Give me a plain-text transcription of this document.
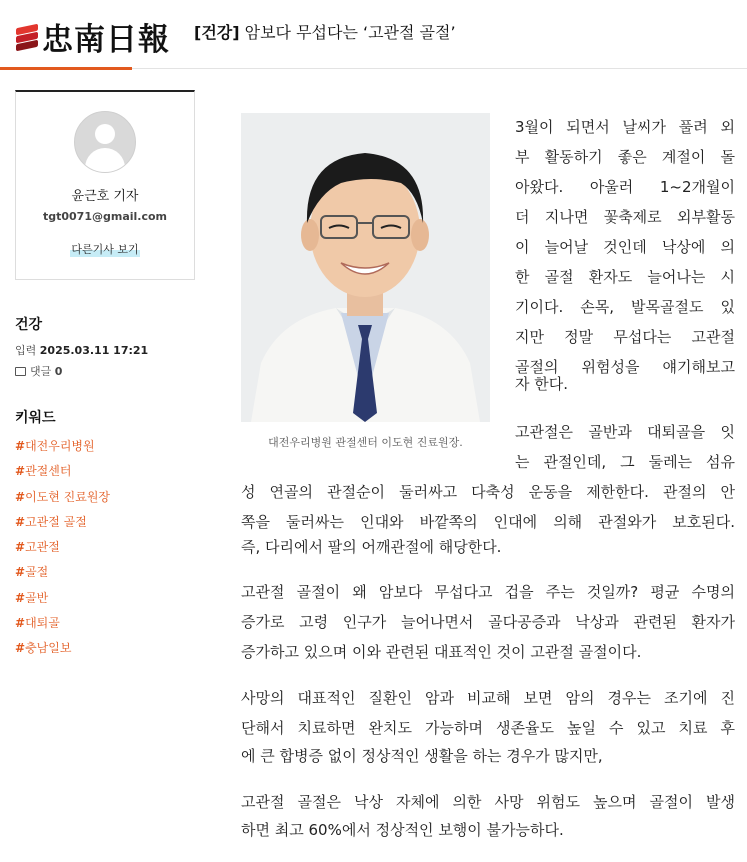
忠南日報 [건강] 암보다 무섭다는 ‘고관절 골절’
윤근호 기자
tgt0071@gmail.com
다른기사 보기
건강
입력 2025.03.11 17:21
댓글
0
키워드
#대전우리병원
#관절센터
#이도현 진료원장
#고관절 골절
#고관절
#골절
#골반
#대퇴골
#충남일보
대전우리병원 관절센터 이도현 진료원장.
3월이 되면서 날씨가 풀려 외
부 활동하기 좋은 계절이 돌
아왔다. 아울러 1~2개월이
더 지나면 꽃축제로 외부활동
이 늘어날 것인데 낙상에 의
한 골절 환자도 늘어나는 시
기이다. 손목, 발목골절도 있
지만 정말 무섭다는 고관절
골절의 위험성을 얘기해보고
자 한다.
고관절은 골반과 대퇴골을 잇
는 관절인데, 그 둘레는 섬유
성 연골의 관절순이 둘러싸고 다축성 운동을 제한한다. 관절의 안
쪽을 둘러싸는 인대와 바깥쪽의 인대에 의해 관절와가 보호된다.
즉, 다리에서 팔의 어깨관절에 해당한다.
고관절 골절이 왜 암보다 무섭다고 겁을 주는 것일까? 평균 수명의
증가로 고령 인구가 늘어나면서 골다공증과 낙상과 관련된 환자가
증가하고 있으며 이와 관련된 대표적인 것이 고관절 골절이다.
사망의 대표적인 질환인 암과 비교해 보면 암의 경우는 조기에 진
단해서 치료하면 완치도 가능하며 생존율도 높일 수 있고 치료 후
에 큰 합병증 없이 정상적인 생활을 하는 경우가 많지만,
고관절 골절은 낙상 자체에 의한 사망 위험도 높으며 골절이 발생
하면 최고 60%에서 정상적인 보행이 불가능하다.
